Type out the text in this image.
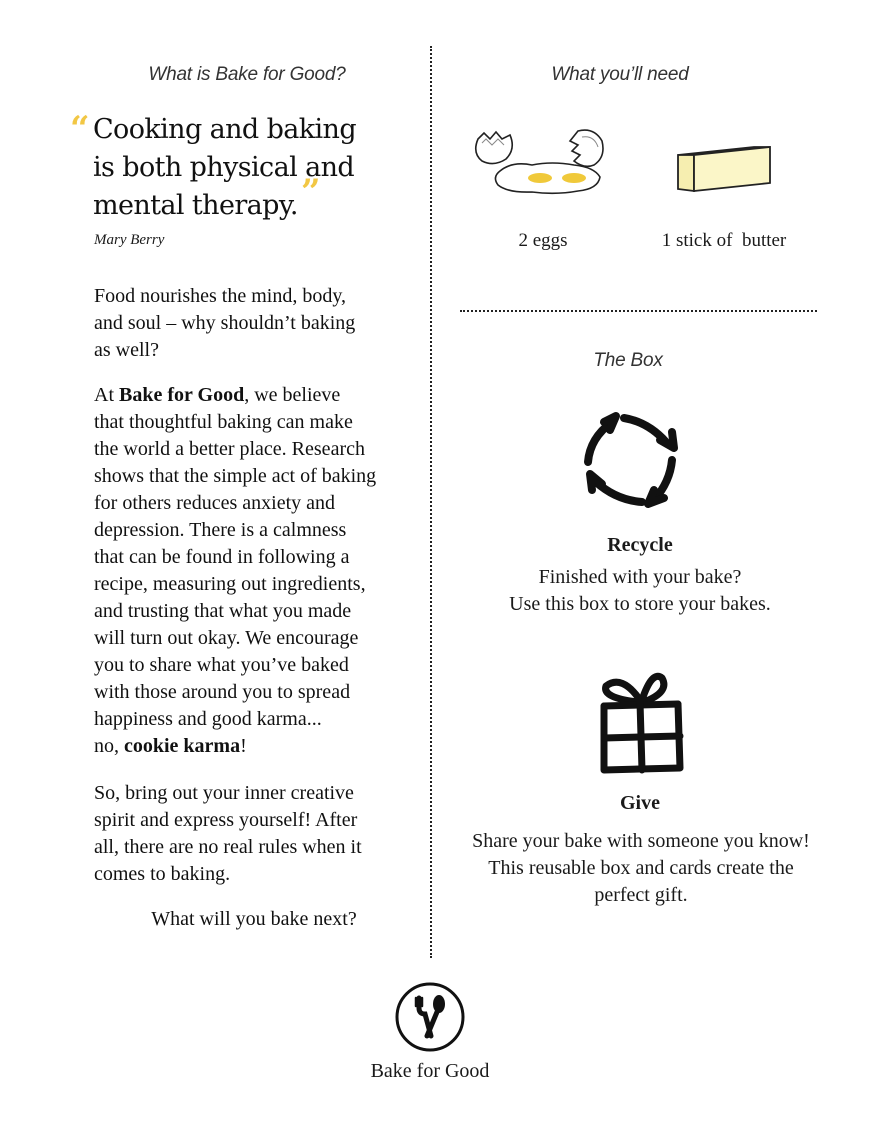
What is Bake for Good?
“ Cooking and baking
is both physical and
mental therapy. ”
Mary Berry

Food nourishes the mind, body,

and soul – why shouldn’t baking

as well?

At Bake for Good, we believe

that thoughtful baking can make

the world a better place. Research

shows that the simple act of baking

for others reduces anxiety and

depression. There is a calmness

that can be found in following a

recipe, measuring out ingredients,

and trusting that what you made

will turn out okay. We encourage

you to share what you’ve baked

with those around you to spread

happiness and good karma...

no, cookie karma!

So, bring out your inner creative

spirit and express yourself! After

all, there are no real rules when it

comes to baking.

What will you bake next?
What you’ll need
2 eggs	1 stick of  butter
The Box
Recycle
Finished with your bake?
Use this box to store your bakes.
Give
Share your bake with someone you know!
This reusable box and cards create the
perfect gift.
Bake for Good
